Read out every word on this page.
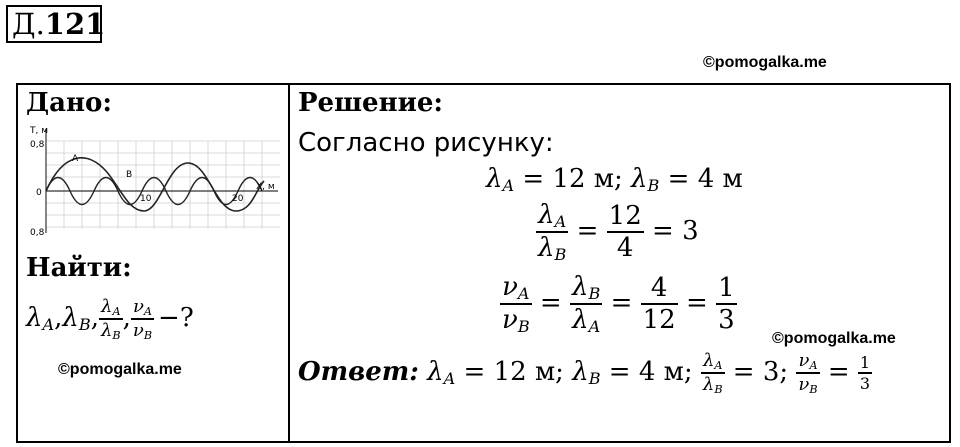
Д.121
©pomogalka.me
Дано:
Т, м
0,8
0
0,8
А
В
10	20
Х, м
Найти:
$\lambda_A,\lambda_B$, $\frac{\lambda_A}{\lambda_B}$ , $\frac{\nu_A}{\nu_B}$ −?
©pomogalka.me
Решение:
Согласно рисунку:
$\lambda_A = 12$ м; $\lambda_B = 4$ м
$\frac{\lambda_A}{\lambda_B} = \frac{12}{4} = 3$
$\frac{\nu_A}{\nu_B} = \frac{\lambda_B}{\lambda_A} = \frac{4}{12} = \frac{1}{3}$
©pomogalka.me
Ответ: $\lambda_A = 12$ м; $\lambda_B = 4$ м; $\frac{\lambda_A}{\lambda_B} = 3$; $\frac{\nu_A}{\nu_B} = \frac{1}{3}$
